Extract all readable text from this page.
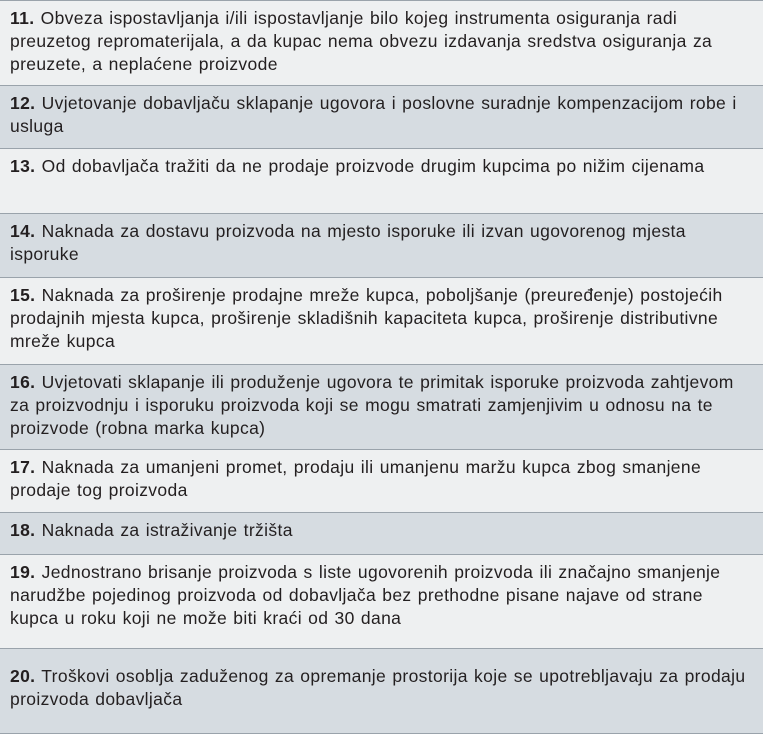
11. Obveza ispostavljanja i/ili ispostavljanje bilo kojeg instrumenta osiguranja radi preuzetog repromaterijala, a da kupac nema obvezu izdavanja sredstva osiguranja za preuzete, a neplaćene proizvode
12. Uvjetovanje dobavljaču sklapanje ugovora i poslovne suradnje kompenzacijom robe i usluga
13. Od dobavljača tražiti da ne prodaje proizvode drugim kupcima po nižim cijenama
14. Naknada za dostavu proizvoda na mjesto isporuke ili izvan ugovorenog mjesta isporuke
15. Naknada za proširenje prodajne mreže kupca, poboljšanje (preuređenje) postojećih prodajnih mjesta kupca, proširenje skladišnih kapaciteta kupca, proširenje distributivne mreže kupca
16. Uvjetovati sklapanje ili produženje ugovora te primitak isporuke proizvoda zahtjevom za proizvodnju i isporuku proizvoda koji se mogu smatrati zamjenjivim u odnosu na te proizvode (robna marka kupca)
17. Naknada za umanjeni promet, prodaju ili umanjenu maržu kupca zbog smanjene prodaje tog proizvoda
18. Naknada za istraživanje tržišta
19. Jednostrano brisanje proizvoda s liste ugovorenih proizvoda ili značajno smanjenje narudžbe pojedinog proizvoda od dobavljača bez prethodne pisane najave od strane kupca u roku koji ne može biti kraći od 30 dana
20. Troškovi osoblja zaduženog za opremanje prostorija koje se upotrebljavaju za prodaju proizvoda dobavljača
